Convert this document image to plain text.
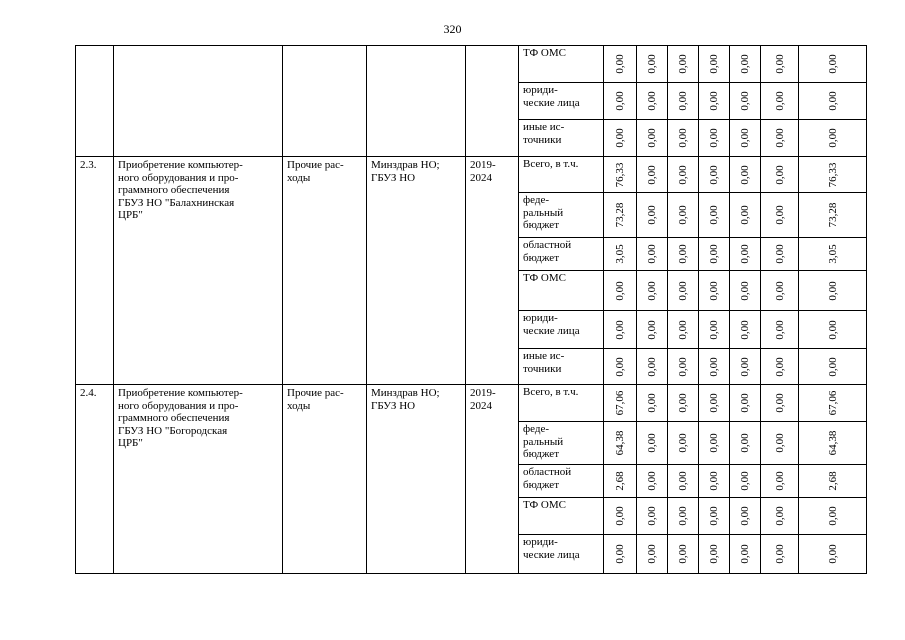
320
					ТФ ОМС	0,00	0,00	0,00	0,00	0,00	0,00	0,00

					юриди-
ческие лица	0,00	0,00	0,00	0,00	0,00	0,00	0,00

					иные ис-
точники	0,00	0,00	0,00	0,00	0,00	0,00	0,00

2.3.	Приобретение компьютер-
ного оборудования и про-
граммного обеспечения
ГБУЗ НО "Балахнинская
ЦРБ"	Прочие рас-
ходы	Минздрав НО;
ГБУЗ НО	2019-
2024	Всего, в т.ч.	76,33	0,00	0,00	0,00	0,00	0,00	76,33

					феде-
ральный
бюджет	73,28	0,00	0,00	0,00	0,00	0,00	73,28

					областной
бюджет	3,05	0,00	0,00	0,00	0,00	0,00	3,05

					ТФ ОМС	0,00	0,00	0,00	0,00	0,00	0,00	0,00

					юриди-
ческие лица	0,00	0,00	0,00	0,00	0,00	0,00	0,00

					иные ис-
точники	0,00	0,00	0,00	0,00	0,00	0,00	0,00

2.4.	Приобретение компьютер-
ного оборудования и про-
граммного обеспечения
ГБУЗ НО "Богородская
ЦРБ"	Прочие рас-
ходы	Минздрав НО;
ГБУЗ НО	2019-
2024	Всего, в т.ч.	67,06	0,00	0,00	0,00	0,00	0,00	67,06

					феде-
ральный
бюджет	64,38	0,00	0,00	0,00	0,00	0,00	64,38

					областной
бюджет	2,68	0,00	0,00	0,00	0,00	0,00	2,68

					ТФ ОМС	0,00	0,00	0,00	0,00	0,00	0,00	0,00

					юриди-
ческие лица	0,00	0,00	0,00	0,00	0,00	0,00	0,00
